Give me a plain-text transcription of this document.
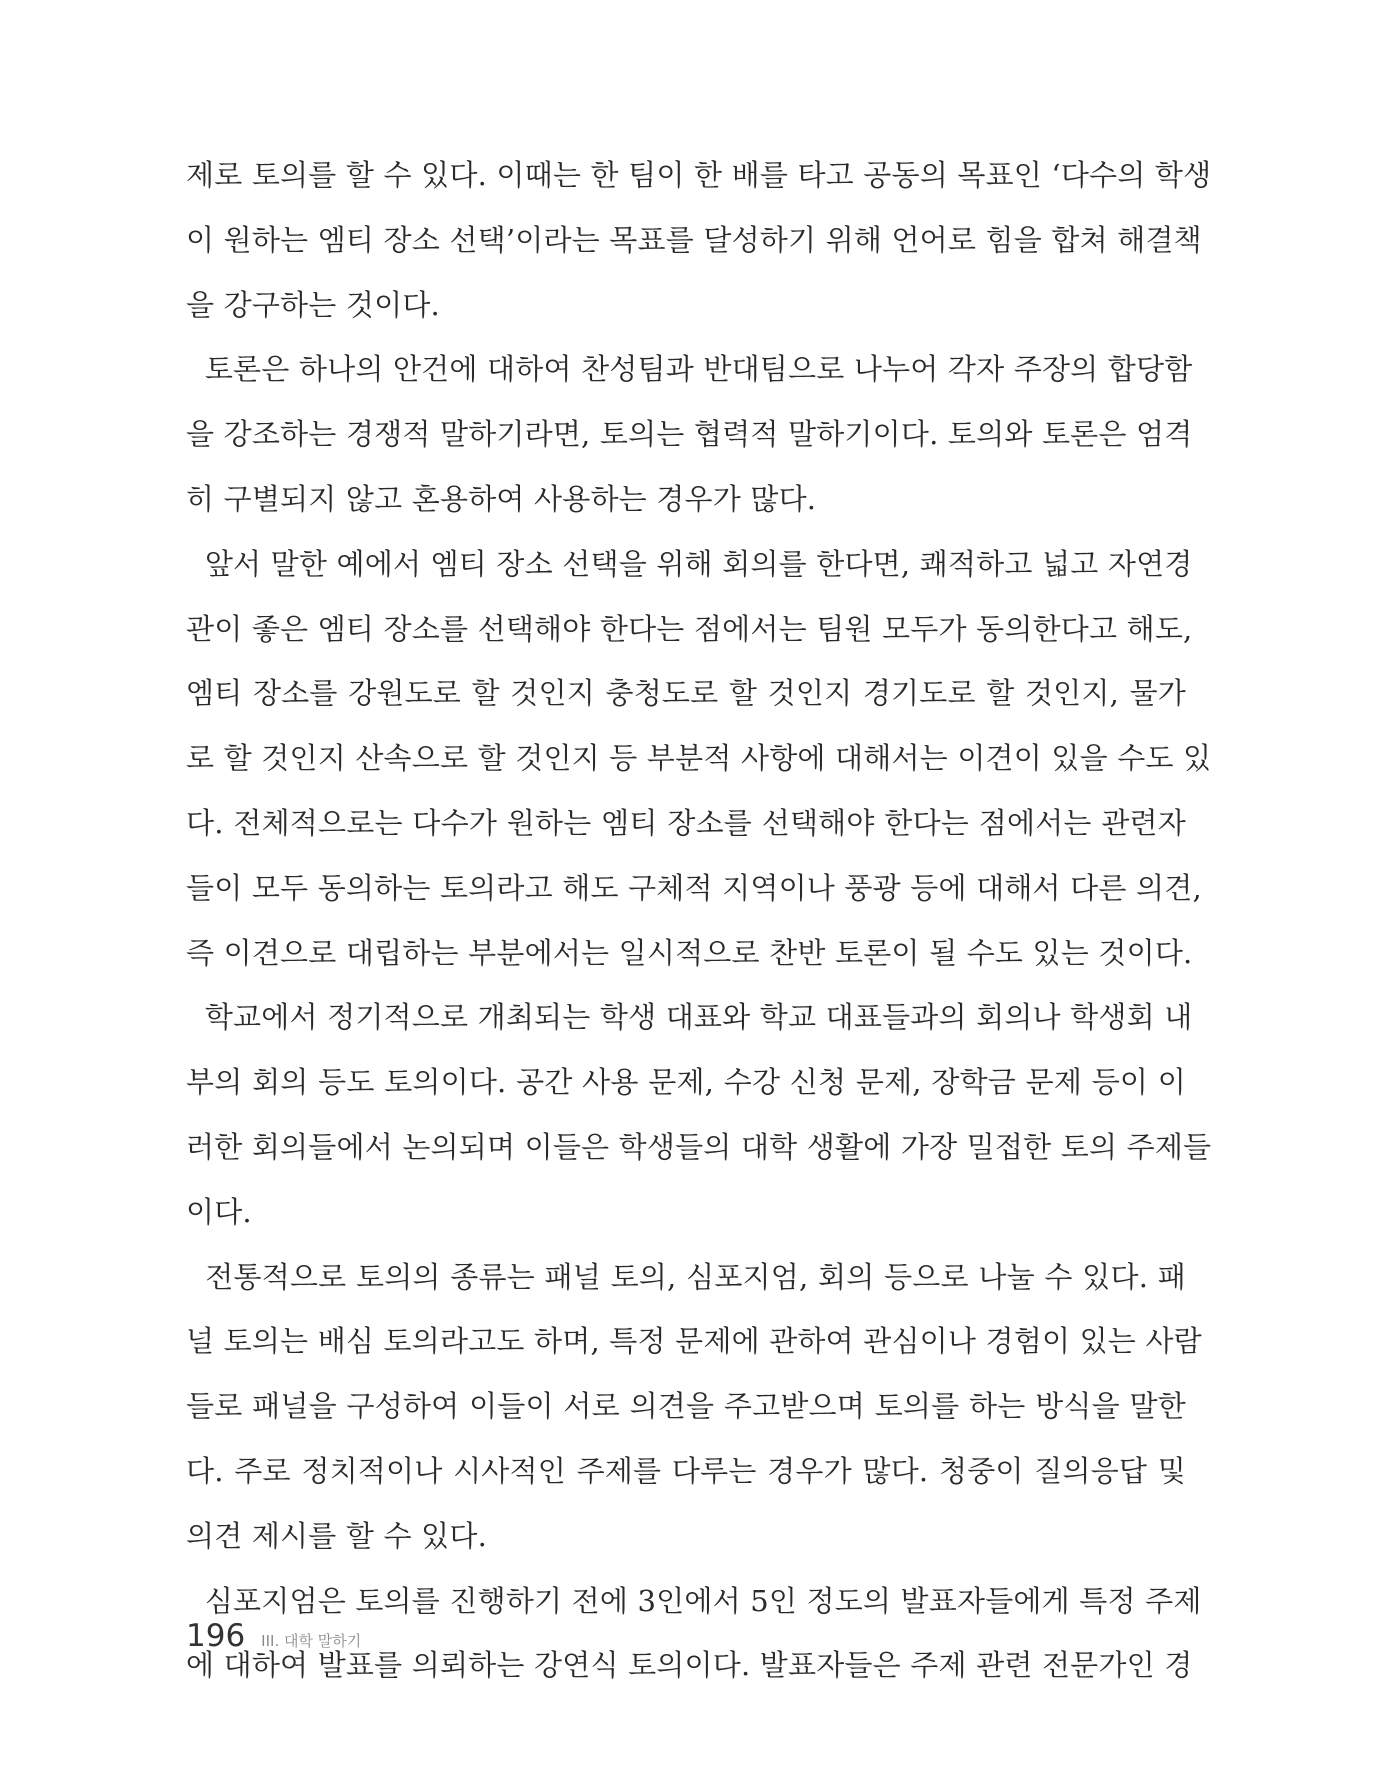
제로 토의를 할 수 있다. 이때는 한 팀이 한 배를 타고 공동의 목표인 ‘다수의 학생
이 원하는 엠티 장소 선택’이라는 목표를 달성하기 위해 언어로 힘을 합쳐 해결책
을 강구하는 것이다.
토론은 하나의 안건에 대하여 찬성팀과 반대팀으로 나누어 각자 주장의 합당함
을 강조하는 경쟁적 말하기라면, 토의는 협력적 말하기이다. 토의와 토론은 엄격
히 구별되지 않고 혼용하여 사용하는 경우가 많다.
앞서 말한 예에서 엠티 장소 선택을 위해 회의를 한다면, 쾌적하고 넓고 자연경
관이 좋은 엠티 장소를 선택해야 한다는 점에서는 팀원 모두가 동의한다고 해도,
엠티 장소를 강원도로 할 것인지 충청도로 할 것인지 경기도로 할 것인지, 물가
로 할 것인지 산속으로 할 것인지 등 부분적 사항에 대해서는 이견이 있을 수도 있
다. 전체적으로는 다수가 원하는 엠티 장소를 선택해야 한다는 점에서는 관련자
들이 모두 동의하는 토의라고 해도 구체적 지역이나 풍광 등에 대해서 다른 의견,
즉 이견으로 대립하는 부분에서는 일시적으로 찬반 토론이 될 수도 있는 것이다.
학교에서 정기적으로 개최되는 학생 대표와 학교 대표들과의 회의나 학생회 내
부의 회의 등도 토의이다. 공간 사용 문제, 수강 신청 문제, 장학금 문제 등이 이
러한 회의들에서 논의되며 이들은 학생들의 대학 생활에 가장 밀접한 토의 주제들
이다.
전통적으로 토의의 종류는 패널 토의, 심포지엄, 회의 등으로 나눌 수 있다. 패
널 토의는 배심 토의라고도 하며, 특정 문제에 관하여 관심이나 경험이 있는 사람
들로 패널을 구성하여 이들이 서로 의견을 주고받으며 토의를 하는 방식을 말한
다. 주로 정치적이나 시사적인 주제를 다루는 경우가 많다. 청중이 질의응답 및
의견 제시를 할 수 있다.
심포지엄은 토의를 진행하기 전에 3인에서 5인 정도의 발표자들에게 특정 주제
에 대하여 발표를 의뢰하는 강연식 토의이다. 발표자들은 주제 관련 전문가인 경
196 III. 대학 말하기
